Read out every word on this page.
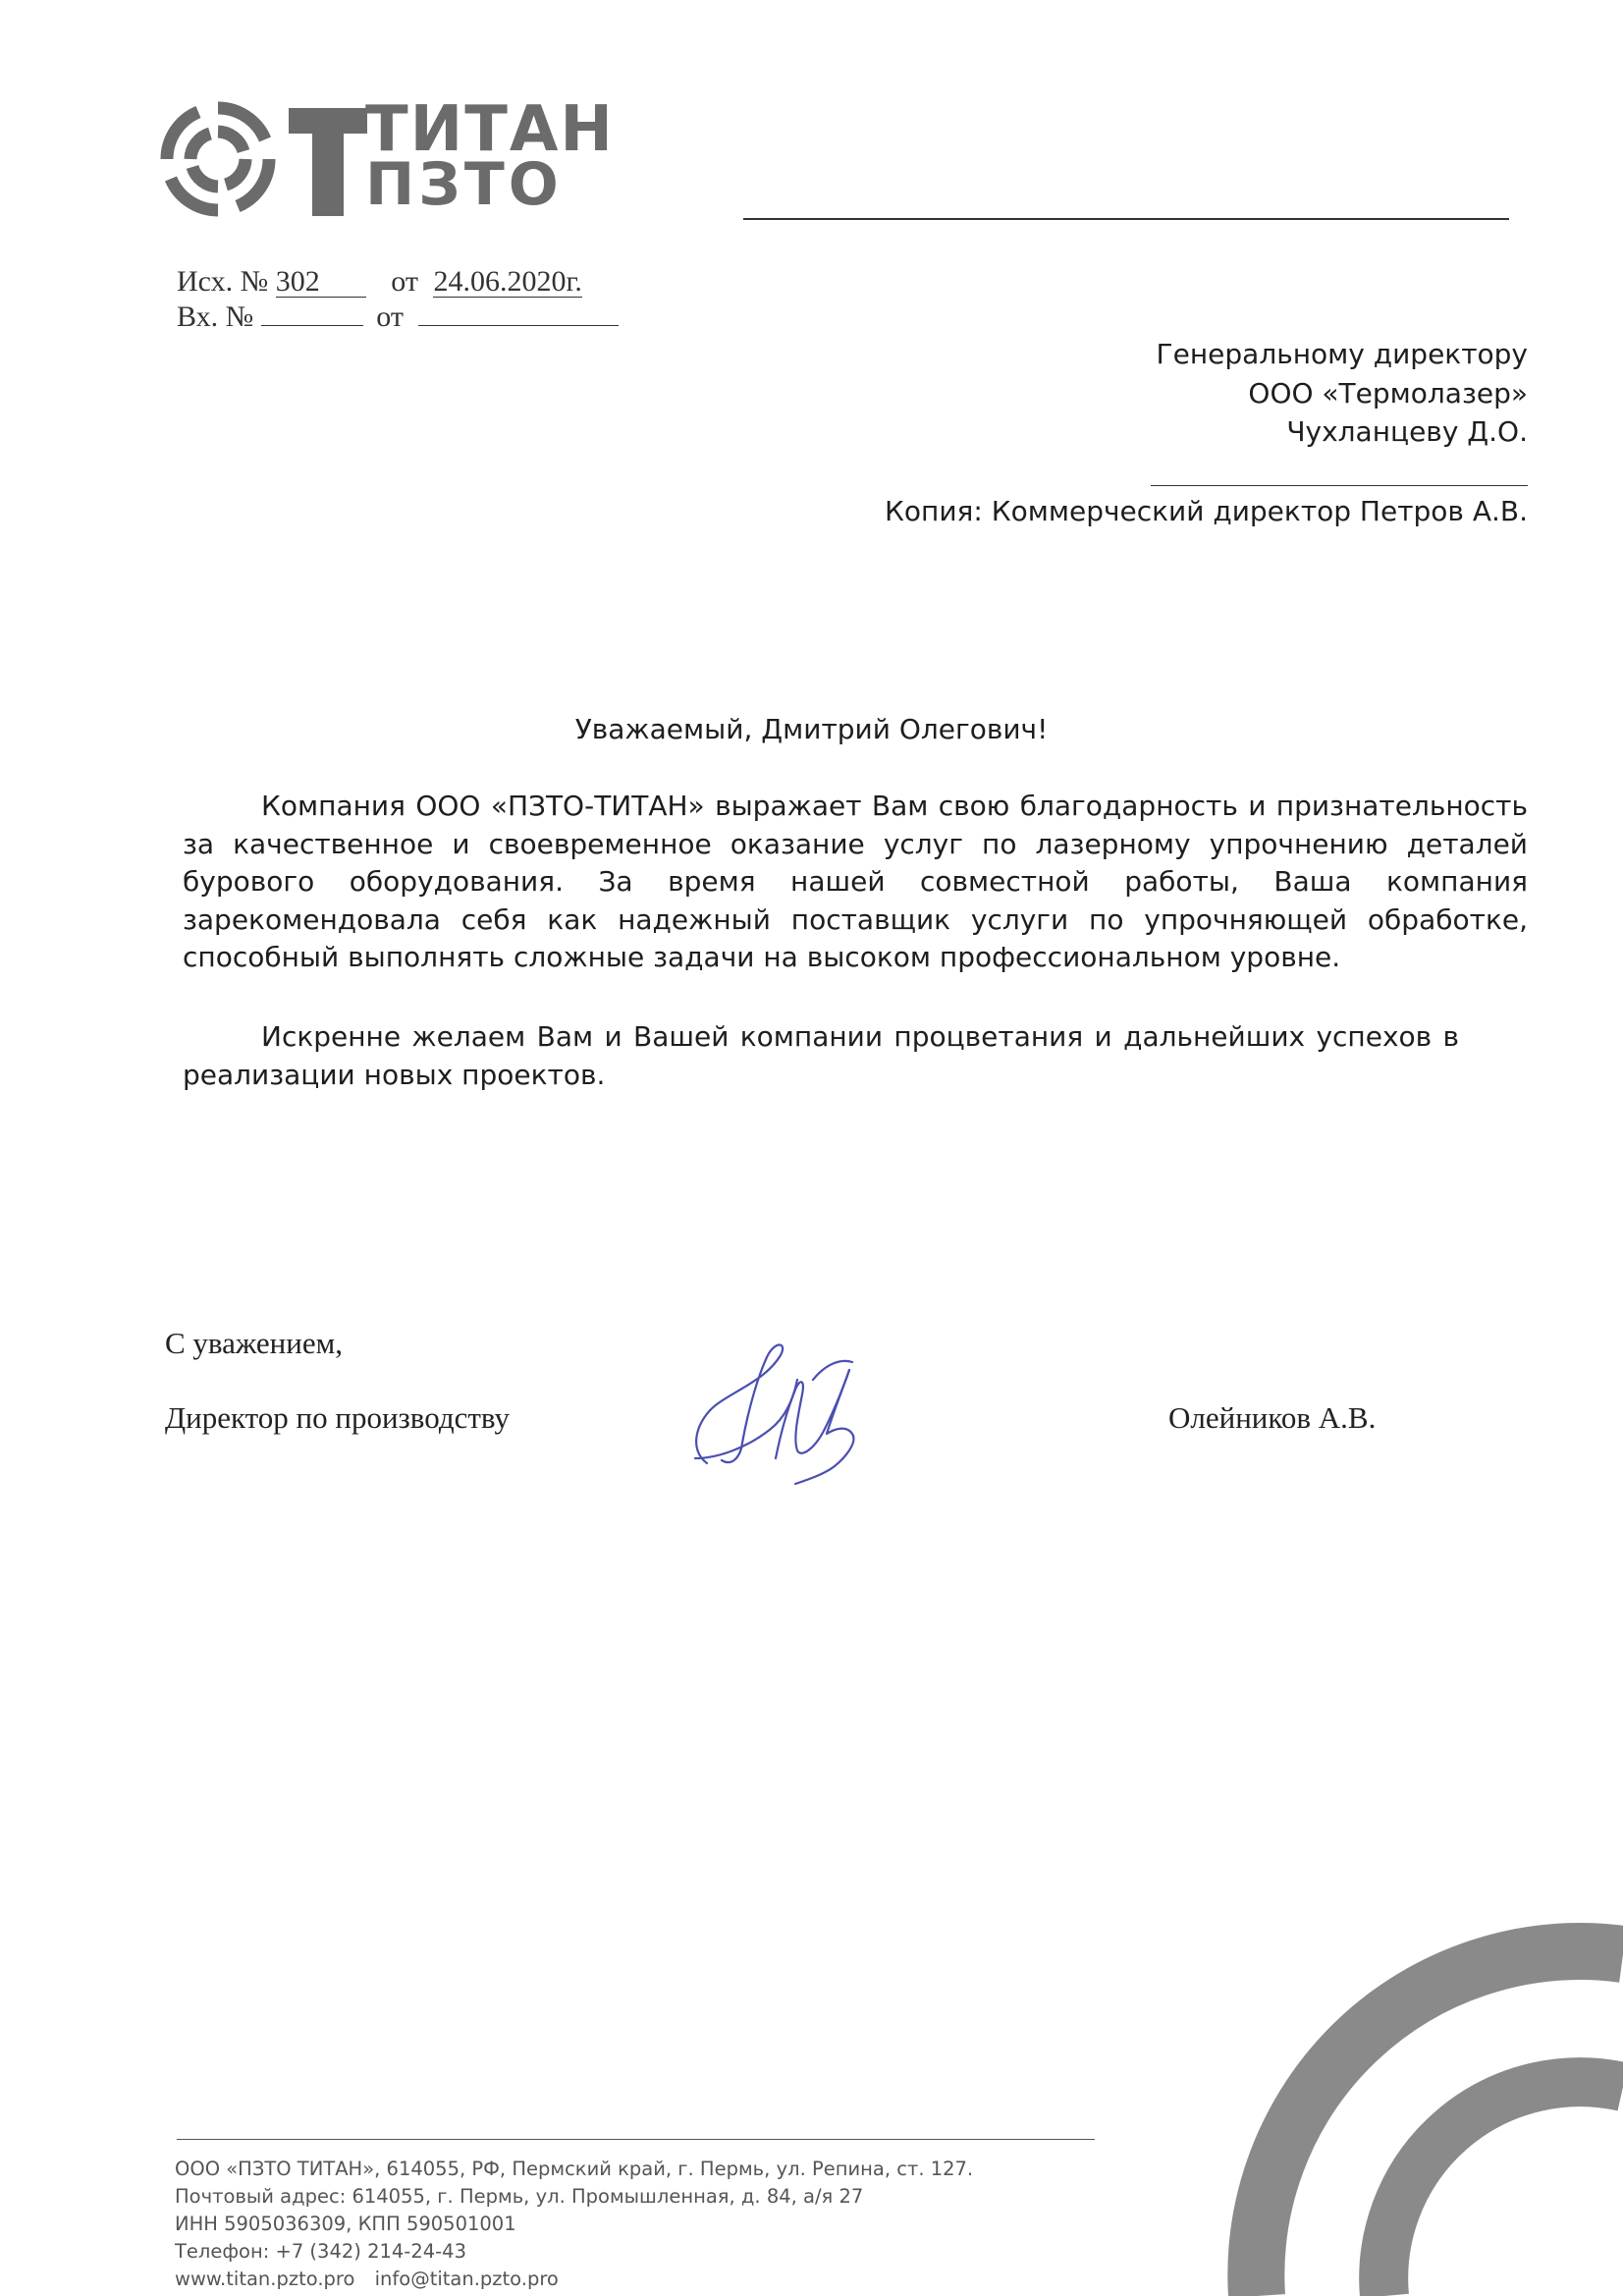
ТИТАН
ПЗТО
Исх. № 302 от 24.06.2020г.
Вх. №	от
Генеральному директору
ООО «Термолазер»
Чухланцеву Д.О.
Копия: Коммерческий директор Петров А.В.
Уважаемый, Дмитрий Олегович!
Компания ООО «ПЗТО-ТИТАН» выражает Вам свою благодарность и признательность за качественное и своевременное оказание услуг по лазерному упрочнению деталей бурового оборудования. За время нашей совместной работы, Ваша компания зарекомендовала себя как надежный поставщик услуги по упрочняющей обработке, способный выполнять сложные задачи на высоком профессиональном уровне.
Искренне желаем Вам и Вашей компании процветания и дальнейших успехов в реализации новых проектов.
С уважением,
Директор по производству	Олейников А.В.
ООО «ПЗТО ТИТАН», 614055, РФ, Пермский край, г. Пермь, ул. Репина, ст. 127.
Почтовый адрес: 614055, г. Пермь, ул. Промышленная, д. 84, а/я 27
ИНН 5905036309, КПП 590501001
Телефон: +7 (342) 214-24-43
www.titan.pzto.pro info@titan.pzto.pro
